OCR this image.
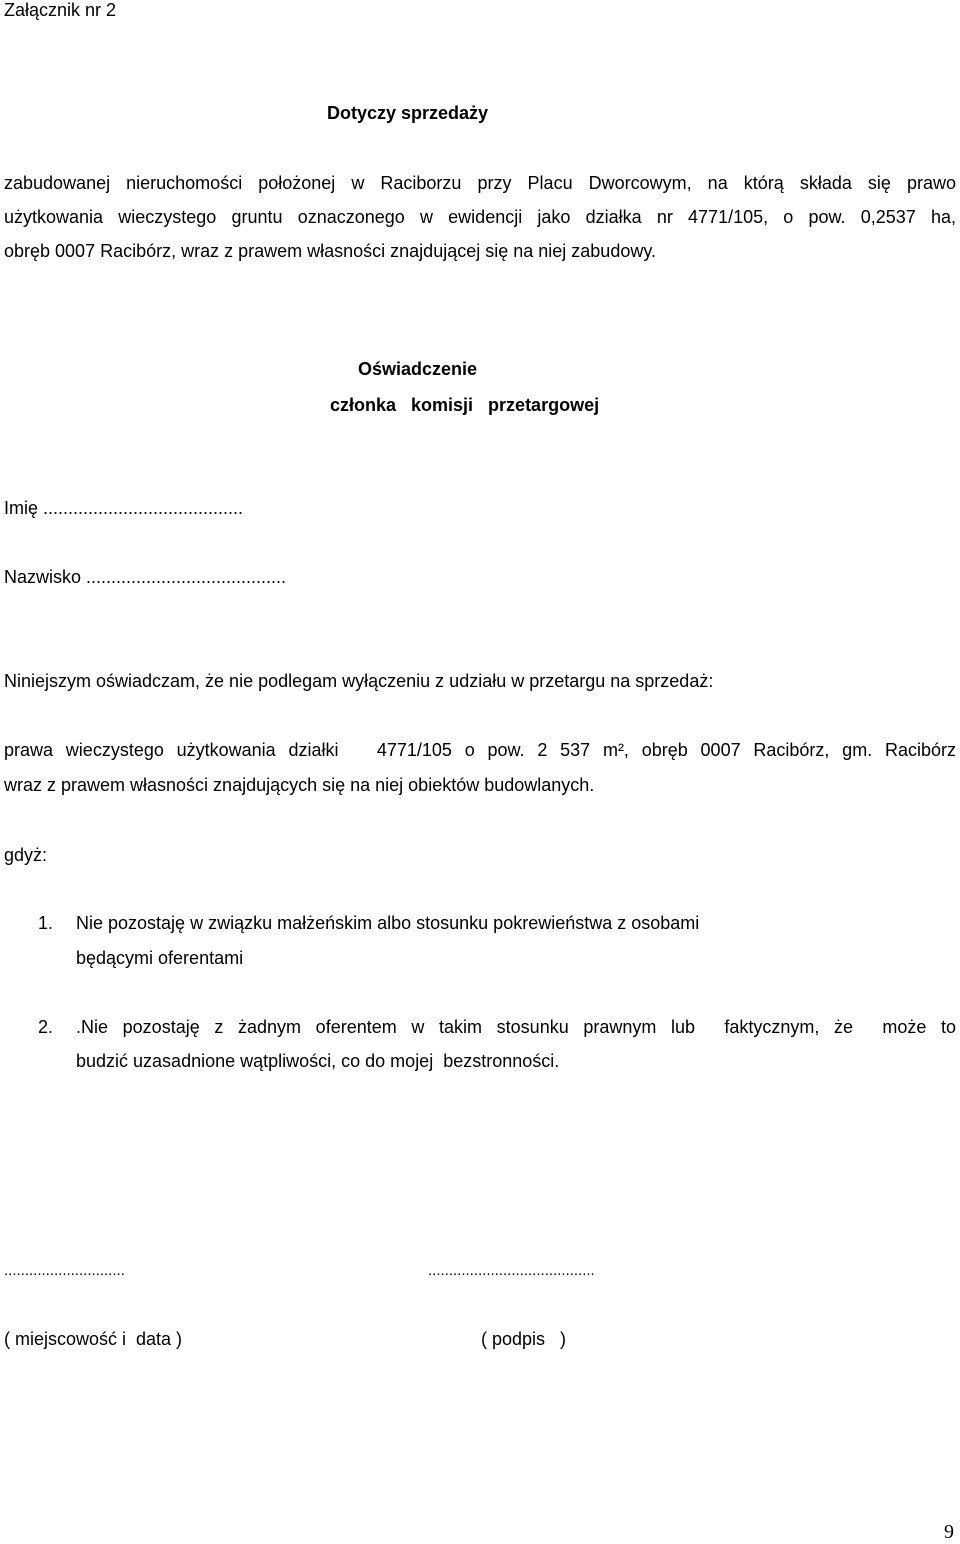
Załącznik nr 2
Dotyczy sprzedaży
zabudowanej nieruchomości położonej w Raciborzu przy Placu Dworcowym, na którą składa się prawo
użytkowania wieczystego gruntu oznaczonego w ewidencji jako działka nr 4771/105, o pow. 0,2537 ha,
obręb 0007 Racibórz, wraz z prawem własności znajdującej się na niej zabudowy.
Oświadczenie
członka   komisji   przetargowej
Imię ........................................
Nazwisko ........................................
Niniejszym oświadczam, że nie podlegam wyłączeniu z udziału w przetargu na sprzedaż:
prawa wieczystego użytkowania działki   4771/105 o pow. 2 537 m², obręb 0007 Racibórz, gm. Racibórz
wraz z prawem własności znajdujących się na niej obiektów budowlanych.
gdyż:
1. Nie pozostaję w związku małżeńskim albo stosunku pokrewieństwa z osobami
będącymi oferentami
2. .Nie pozostaję z żadnym oferentem w takim stosunku prawnym lub  faktycznym, że  może to
budzić uzasadnione wątpliwości, co do mojej  bezstronności.
.............................	........................................
( miejscowość i  data )	( podpis   )
9
